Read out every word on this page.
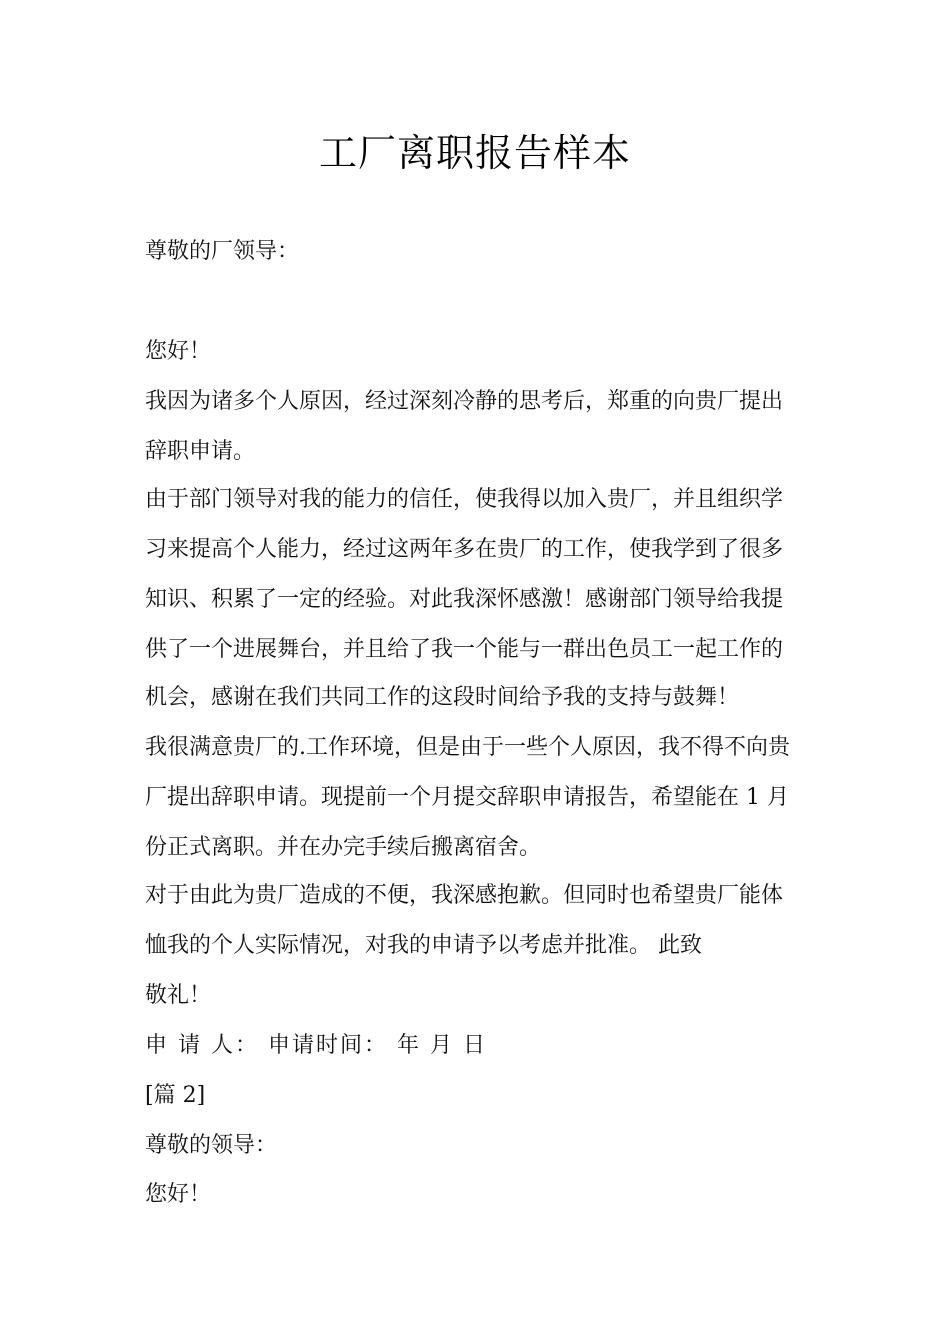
工厂离职报告样本
尊敬的厂领导：
您好！
我因为诸多个人原因，经过深刻冷静的思考后，郑重的向贵厂提出
辞职申请。
由于部门领导对我的能力的信任，使我得以加入贵厂，并且组织学
习来提高个人能力，经过这两年多在贵厂的工作，使我学到了很多
知识、积累了一定的经验。对此我深怀感激！感谢部门领导给我提
供了一个进展舞台，并且给了我一个能与一群出色员工一起工作的
机会，感谢在我们共同工作的这段时间给予我的支持与鼓舞！
我很满意贵厂的.工作环境，但是由于一些个人原因，我不得不向贵
厂提出辞职申请。现提前一个月提交辞职申请报告，希望能在 1 月
份正式离职。并在办完手续后搬离宿舍。
对于由此为贵厂造成的不便，我深感抱歉。但同时也希望贵厂能体
恤我的个人实际情况，对我的申请予以考虑并批准。 此致
敬礼！
申 请 人： 申请时间： 年 月 日
[篇 2]
尊敬的领导：
您好！
